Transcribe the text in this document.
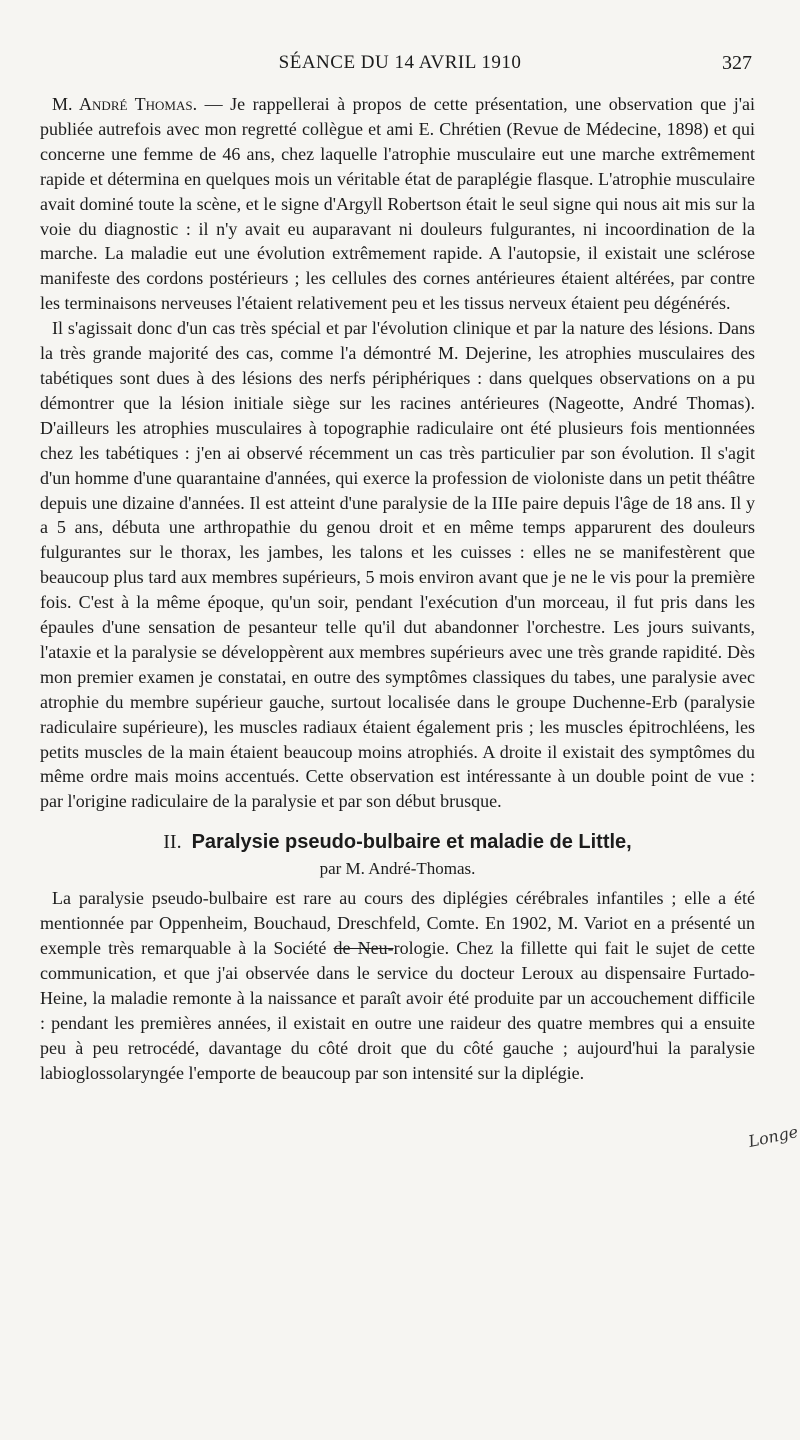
SÉANCE DU 14 AVRIL 1910	327

M. André Thomas. — Je rappellerai à propos de cette présentation, une observation que j'ai publiée autrefois avec mon regretté collègue et ami E. Chrétien (Revue de Médecine, 1898) et qui concerne une femme de 46 ans, chez laquelle l'atrophie musculaire eut une marche extrêmement rapide et détermina en quelques mois un véritable état de paraplégie flasque. L'atrophie musculaire avait dominé toute la scène, et le signe d'Argyll Robertson était le seul signe qui nous ait mis sur la voie du diagnostic : il n'y avait eu auparavant ni douleurs fulgurantes, ni incoordination de la marche. La maladie eut une évolution extrêmement rapide. A l'autopsie, il existait une sclérose manifeste des cordons postérieurs ; les cellules des cornes antérieures étaient altérées, par contre les terminaisons nerveuses l'étaient relativement peu et les tissus nerveux étaient peu dégénérés.

Il s'agissait donc d'un cas très spécial et par l'évolution clinique et par la nature des lésions. Dans la très grande majorité des cas, comme l'a démontré M. Dejerine, les atrophies musculaires des tabétiques sont dues à des lésions des nerfs périphériques : dans quelques observations on a pu démontrer que la lésion initiale siège sur les racines antérieures (Nageotte, André Thomas). D'ailleurs les atrophies musculaires à topographie radiculaire ont été plusieurs fois mentionnées chez les tabétiques : j'en ai observé récemment un cas très particulier par son évolution. Il s'agit d'un homme d'une quarantaine d'années, qui exerce la profession de violoniste dans un petit théâtre depuis une dizaine d'années. Il est atteint d'une paralysie de la IIIe paire depuis l'âge de 18 ans. Il y a 5 ans, débuta une arthropathie du genou droit et en même temps apparurent des douleurs fulgurantes sur le thorax, les jambes, les talons et les cuisses : elles ne se manifestèrent que beaucoup plus tard aux membres supérieurs, 5 mois environ avant que je ne le vis pour la première fois. C'est à la même époque, qu'un soir, pendant l'exécution d'un morceau, il fut pris dans les épaules d'une sensation de pesanteur telle qu'il dut abandonner l'orchestre. Les jours suivants, l'ataxie et la paralysie se développèrent aux membres supérieurs avec une très grande rapidité. Dès mon premier examen je constatai, en outre des symptômes classiques du tabes, une paralysie avec atrophie du membre supérieur gauche, surtout localisée dans le groupe Duchenne-Erb (paralysie radiculaire supérieure), les muscles radiaux étaient également pris ; les muscles épitrochléens, les petits muscles de la main étaient beaucoup moins atrophiés. A droite il existait des symptômes du même ordre mais moins accentués. Cette observation est intéressante à un double point de vue : par l'origine radiculaire de la paralysie et par son début brusque.

II. Paralysie pseudo-bulbaire et maladie de Little,
par M. André-Thomas.

La paralysie pseudo-bulbaire est rare au cours des diplégies cérébrales infantiles ; elle a été mentionnée par Oppenheim, Bouchaud, Dreschfeld, Comte. En 1902, M. Variot en a présenté un exemple très remarquable à la Société de Neu-rologie. Chez la fillette qui fait le sujet de cette communication, et que j'ai observée dans le service du docteur Leroux au dispensaire Furtado-Heine, la maladie remonte à la naissance et paraît avoir été produite par un accouchement difficile : pendant les premières années, il existait en outre une raideur des quatre membres qui a ensuite peu à peu retrocédé, davantage du côté droit que du côté gauche ; aujourd'hui la paralysie labioglossolaryngée l'emporte de beaucoup par son intensité sur la diplégie.

Longe
